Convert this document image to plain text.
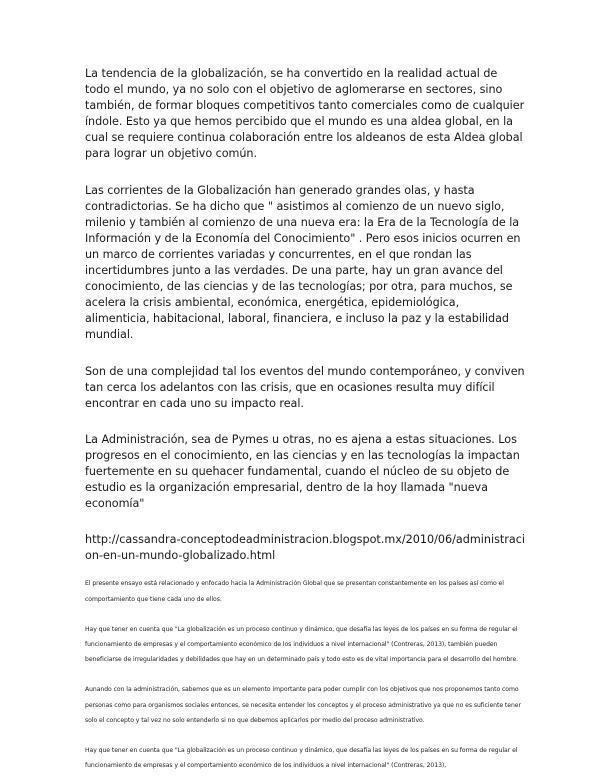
La tendencia de la globalización, se ha convertido en la realidad actual de todo el mundo, ya no solo con el objetivo de aglomerarse en sectores, sino también, de formar bloques competitivos tanto comerciales como de cualquier índole. Esto ya que hemos percibido que el mundo es una aldea global, en la cual se requiere continua colaboración entre los aldeanos de esta Aldea global para lograr un objetivo común.

Las corrientes de la Globalización han generado grandes olas, y hasta contradictorias. Se ha dicho que " asistimos al comienzo de un nuevo siglo, milenio y también al comienzo de una nueva era: la Era de la Tecnología de la Información y de la Economía del Conocimiento" . Pero esos inicios ocurren en un marco de corrientes variadas y concurrentes, en el que rondan las incertidumbres junto a las verdades. De una parte, hay un gran avance del conocimiento, de las ciencias y de las tecnologías; por otra, para muchos, se acelera la crisis ambiental, económica, energética, epidemiológica, alimenticia, habitacional, laboral, financiera, e incluso la paz y la estabilidad mundial.

Son de una complejidad tal los eventos del mundo contemporáneo, y conviven tan cerca los adelantos con las crisis, que en ocasiones resulta muy difícil encontrar en cada uno su impacto real.

La Administración, sea de Pymes u otras, no es ajena a estas situaciones. Los progresos en el conocimiento, en las ciencias y en las tecnologías la impactan fuertemente en su quehacer fundamental, cuando el núcleo de su objeto de estudio es la organización empresarial, dentro de la hoy llamada "nueva economía"

http://cassandra-conceptodeadministracion.blogspot.mx/2010/06/administracion-en-un-mundo-globalizado.html

El presente ensayo está relacionado y enfocado hacia la Administración Global que se presentan constantemente en los países así como el comportamiento que tiene cada uno de ellos.

Hay que tener en cuenta que "La globalización es un proceso continuo y dinámico, que desafía las leyes de los países en su forma de regular el funcionamiento de empresas y el comportamiento económico de los individuos a nivel internacional" (Contreras, 2013), también pueden beneficiarse de irregularidades y debilidades que hay en un determinado país y todo esto es de vital importancia para el desarrollo del hombre.

Aunando con la administración, sabemos que es un elemento importante para poder cumplir con los objetivos que nos proponemos tanto como personas como para organismos sociales entonces, se necesita entender los conceptos y el proceso administrativo ya que no es suficiente tener solo el concepto y tal vez no solo entenderlo si no que debemos aplicarlos por medio del proceso administrativo.

Hay que tener en cuenta que "La globalización es un proceso continuo y dinámico, que desafía las leyes de los países en su forma de regular el funcionamiento de empresas y el comportamiento económico de los individuos a nivel internacional" (Contreras, 2013),
